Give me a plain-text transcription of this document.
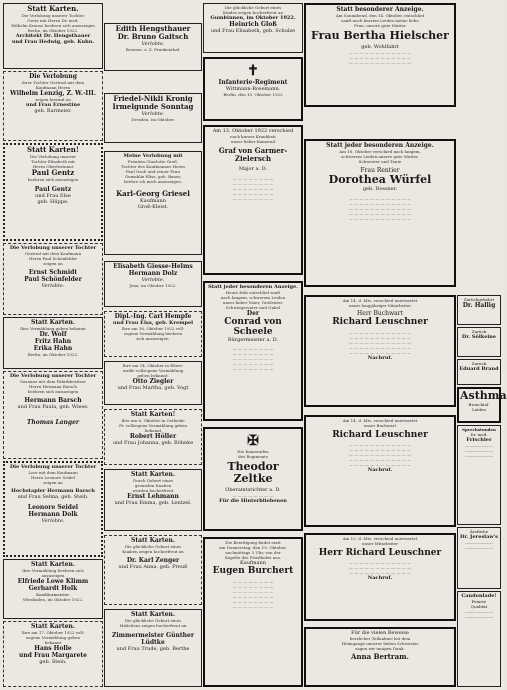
Statt Karten.
Die Verlobung unserer Tochter
Grete mit Herrn Dr. med.
Wilhelm Krause beehren sich anzuzeigen
Berlin, im Oktober 1922.
Architekt Dr. Hengsthauer
und Frau Hedwig, geb. Kuhn.
Die Verlobung
ihrer Tochter Gertrud mit dem
Kaufmann Herrn
Wilhelm Lenzig, Z. W.-III.
zeigen hiermit an
und Frau Ernestine
geb. Barmeier.
Statt Karten!
Die Verlobung unserer
Tochter Elisabeth mit
Herrn Oberleutnant
Paul Gentz
beehren sich anzuzeigen
Paul Gentz
und Frau Else
geb. Hüppe.
Die Verlobung unserer Tochter
Gertrud mit dem Kaufmann
Herrn Paul Schönfelder
zeigen an
Ernst Schmidt
Paul Schönfelder
Verlobte.
Statt Karten.
Ihre Vermählung geben bekannt
Dr. Wolf
Fritz Hahn
Erika Hahn
Berlin, im Oktober 1922.
Die Verlobung unserer Tochter
Susanne mit dem Fabrikbesitzer
Herrn Hermann Barsch
beehren sich anzuzeigen
Hermann Barsch
und Frau Paula, geb. Wiese.
· · · · · · · · · · ·
Thomas Langer
Die Verlobung unserer Tochter
Lore mit dem Kaufmann
Herrn Leonore Seidel
zeigen an
Hochstapler Hermann Barsch
und Frau Selma, geb. Steib.
Leonore Seidel
Hermann Dolk
Verlobte.
Statt Karten.
Ihre Vermählung beehren sich
anzuzeigen
Elfriede Lowe Klimm
Gerhardt Holk
Konditormeister.
Wiesbaden, im Oktober 1922.
Statt Karten.
Ihre am 17. Oktober 1922 voll-
zogene Vermählung geben
bekannt
Hans Holle
und Frau Margarete
geb. Stein.
Edith Hengsthauer
Dr. Bruno Gaitsch
Verlobte.
Bremen. z. Z. Frankenthal.
Friedel-Nikli Kronig
Irmelgunde Sonntag
Verlobte.
Dresden, im Oktober.
Meine Verlobung mit
Fräulein Charlotte Groß,
Tochter des Kaufmannes Herrn
Paul Groß und seiner Frau
Gemahlin Elise, geb. Bauer,
beehre ich mich anzuzeigen.
Karl-Georg Griesel
Kaufmann
Groß-Kleist.
Elisabeth Giesse-Helms
Hermann Dolz
Verlobte.
Jena, im Oktober 1922.
Dipl.-Ing. Carl Hempfe
und Frau Elsa, geb. Krempel
Ihre am 16. Oktober 1922 voll-
zogene Vermählung beehren
sich anzuzeigen.
Ihre am 14. Oktober in Ebers-
walde vollzogene Vermählung
geben bekannt.
Otto Ziegler
und Frau Martha, geb. Vogt
Statt Karten!
Ihre am 6. Oktober in Ostheide
Pr. vollzogene Vermählung geben
bekannt
Robert Höller
und Frau Johanna, geb. Böhnke
Statt Karten.
Durch Geburt eines
gesunden Knaben
wurden hocherfreut
Ernst Lehmann
und Frau Emma, geb. Lentzel.
Statt Karten.
Die glückliche Geburt eines
Knaben zeigen hocherfreut an
Dr. Karl Zenger
und Frau Anna, geb. Preuß
Statt Karten.
Die glückliche Geburt eines
Mädchens zeigen hocherfreut an
Zimmermeister Günther Lüdtke
und Frau Trude, geb. Berthe
Die glückliche Geburt eines
Kindes zeigen hocherfreut an
Gumbinnen, im Oktober 1922.
Heinrich Gloß
und Frau Elisabeth, geb. Schulze
✝
Infanterie-Regiment
Wittmann-Rosemann.
Berlin, den 15. Oktober 1922
Am 13. Oktober 1922 verschied
nach kurzer Krankheit
unser lieber Kamerad
Graf von Garmer-Zielersch
Major a. D.
— — — — — — — —
— — — — — — — —
— — — — — — — —
— — — — — — — —
— — — — — — — —
Statt jeder besonderen Anzeige.
Heute früh entschlief sanft
nach langem, schwerem Leiden
unser lieber Vater, Großvater,
Schwiegervater und Onkel
Der
Conrad von Scheele
Bürgermeister a. D.
— — — — — — — —
— — — — — — — —
— — — — — — — —
— — — — — — — —
— — — — — — — —
✠
Die Kameraden
des Regiments
Theodor Zeltke
Oberamtsrichter a. D.
— — — — — — — —
Für die Hinterbliebenen
Die Beerdigung findet statt
am Donnerstag, den 19. Oktober,
nachmittags 3 Uhr, von der
Kapelle des Friedhofes aus.
Kaufmann
Eugen Burchert
— — — — — — — —
— — — — — — — —
— — — — — — — —
— — — — — — — —
— — — — — — — —
— — — — — — — —
Statt besonderer Anzeige.
Am Sonnabend, den 14. Oktober, entschlief
sanft nach kurzem Leiden meine liebe
Frau, unsere gute Mutter
Frau Bertha Hielscher
geb. Wohlfahrt
— — — — — — — — — — — —
— — — — — — — — — — — —
— — — — — — — — — — — —
Statt jeder besonderen Anzeige.
Am 16. Oktober verschied nach langem,
schwerem Leiden unsere gute Mutter,
Schwester und Tante
Frau Rentier
Dorothea Würfel
geb. Dossner.
— — — — — — — — — — — —
— — — — — — — — — — — —
— — — — — — — — — — — —
— — — — — — — — — — — —
— — — — — — — — — — — —
Am 14. d. Mts. verschied unerwartet
unser langjähriger Mitarbeiter
Herr Buchwart
Richard Leuschner
— — — — — — — — — — — —
— — — — — — — — — — — —
— — — — — — — — — — — —
— — — — — — — — — — — —
— — — — — — — — — — — —
Nachruf.
Am 14. d. Mts. verschied unerwartet
unser Buchwart
Richard Leuschner
— — — — — — — — — — — —
— — — — — — — — — — — —
— — — — — — — — — — — —
— — — — — — — — — — — —
— — — — — — — — — — — —
Nachruf.
Am 13. d. Mts. verschied unerwartet
unser Mitarbeiter
Herr Richard Leuschner
— — — — — — — — — — — —
— — — — — — — — — — — —
— — — — — — — — — — — —
Nachruf.
Für die vielen Beweise
herzlicher Teilnahme bei dem
Heimgange unserer lieben Schwester
sagen wir innigen Dank.
Anna Bertram.
Zurückgekehrt
Dr. Hallig
Zurück
Dr. Sölkeine
Zurück
Eduard Brand
Asthma
Bronchial-
Leiden
Sprechstunden
Dr. med.
Frischler
———————
———————
———————
Ärztliche
Dr. Jereslaw's
———————
———————
Candonlade!
Feinste
Qualität
———————
———————
